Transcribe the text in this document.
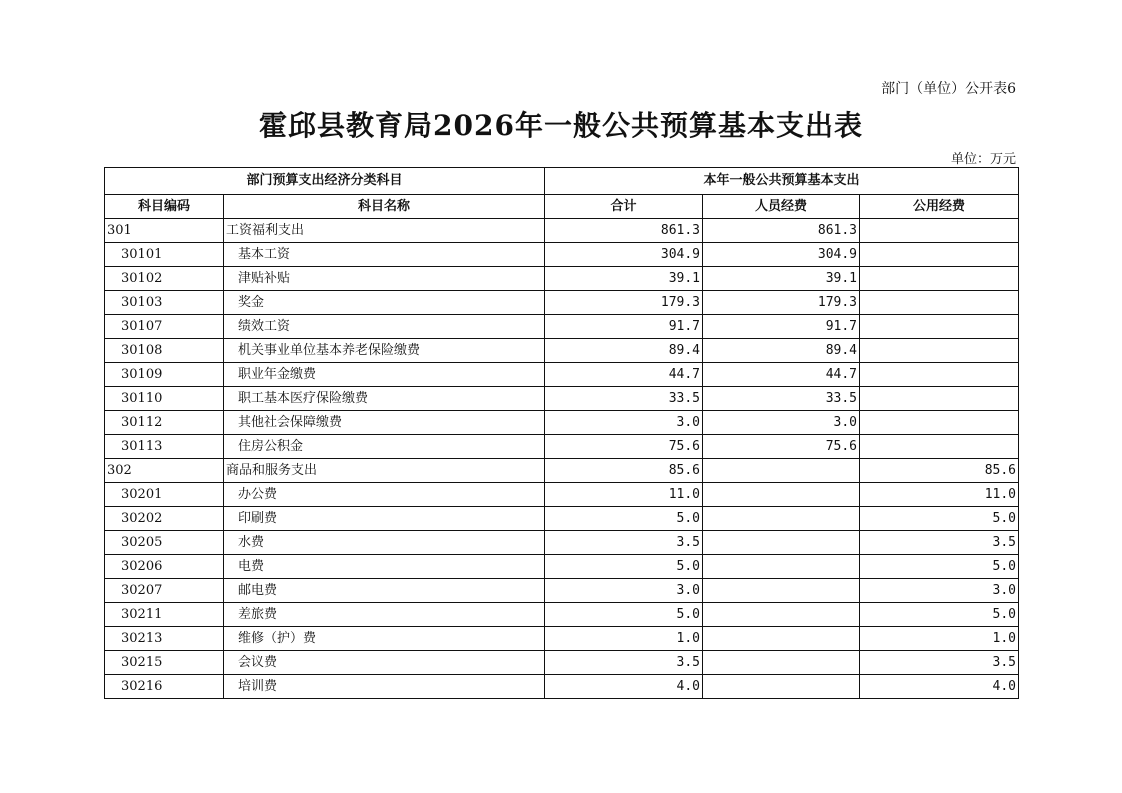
部门（单位）公开表6
霍邱县教育局2026年一般公共预算基本支出表
单位：万元
部门预算支出经济分类科目		本年一般公共预算基本支出		
科目编码	科目名称	合计	人员经费	公用经费
301	工资福利支出	861.3	861.3	
30101	基本工资	304.9	304.9	
30102	津贴补贴	39.1	39.1	
30103	奖金	179.3	179.3	
30107	绩效工资	91.7	91.7	
30108	机关事业单位基本养老保险缴费	89.4	89.4	
30109	职业年金缴费	44.7	44.7	
30110	职工基本医疗保险缴费	33.5	33.5	
30112	其他社会保障缴费	3.0	3.0	
30113	住房公积金	75.6	75.6	
302	商品和服务支出	85.6		85.6
30201	办公费	11.0		11.0
30202	印刷费	5.0		5.0
30205	水费	3.5		3.5
30206	电费	5.0		5.0
30207	邮电费	3.0		3.0
30211	差旅费	5.0		5.0
30213	维修（护）费	1.0		1.0
30215	会议费	3.5		3.5
30216	培训费	4.0		4.0
